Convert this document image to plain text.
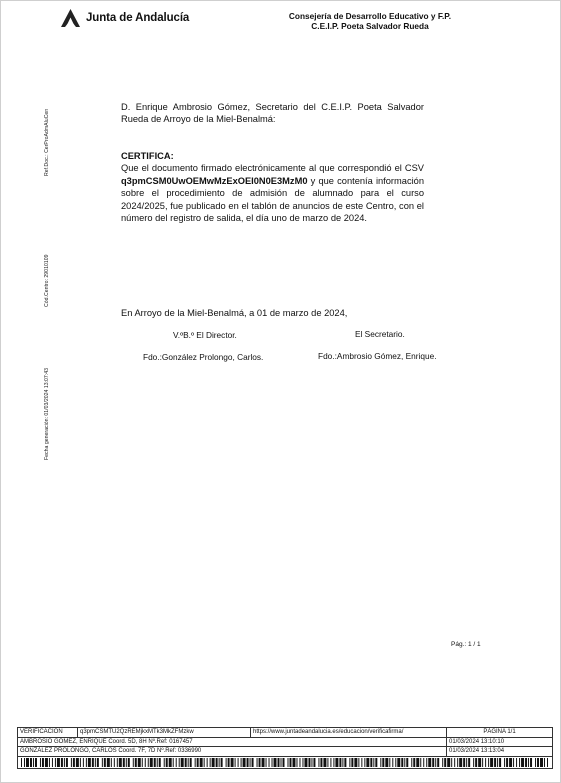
Junta de Andalucía	Consejería de Desarrollo Educativo y F.P.
C.E.I.P. Poeta Salvador Rueda
Ref.Doc.: CerProAdmAluCen
Cód.Centro: 29010109
Fecha generación: 01/03/2024 13:07:43
D. Enrique Ambrosio Gómez, Secretario del C.E.I.P. Poeta Salvador Rueda de Arroyo de la Miel-Benalmá:
CERTIFICA:
Que el documento firmado electrónicamente al que correspondió el CSV q3pmCSM0UwOEMwMzExOEI0N0E3MzM0 y que contenía información sobre el procedimiento de admisión de alumnado para el curso 2024/2025, fue publicado en el tablón de anuncios de este Centro, con el número del registro de salida, el día uno de marzo de 2024.
En Arroyo de la Miel-Benalmá, a 01 de marzo de 2024,
V.ºB.º El Director.	El Secretario.
Fdo.:González Prolongo, Carlos.	Fdo.:Ambrosio Gómez, Enrique.
Pág.: 1 / 1
VERIFICACIÓN	q3pmCSMTU2QzREMjkxMTk3MkZFMzkw	https://www.juntadeandalucia.es/educacion/verificafirma/	PÁGINA 1/1
AMBROSIO GÓMEZ, ENRIQUE Coord. 5D, 8H Nº.Ref: 0167457			01/03/2024 13:10:10
GONZÁLEZ PROLONGO, CARLOS Coord. 7F, 7D Nº.Ref: 0336990			01/03/2024 13:13:04
